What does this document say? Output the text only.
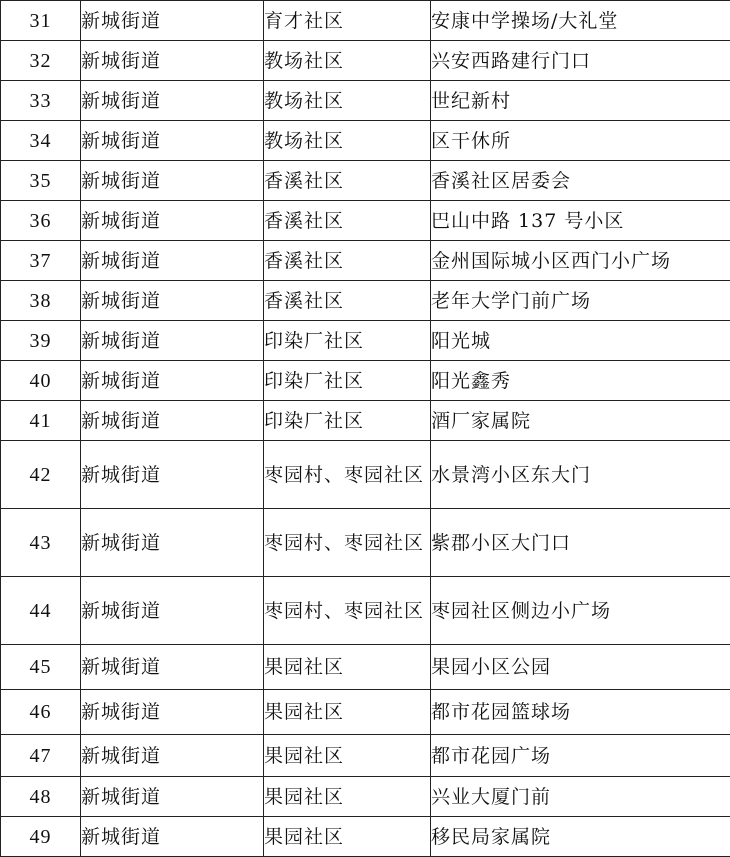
31	新城街道	育才社区	安康中学操场/大礼堂
32	新城街道	教场社区	兴安西路建行门口
33	新城街道	教场社区	世纪新村
34	新城街道	教场社区	区干休所
35	新城街道	香溪社区	香溪社区居委会
36	新城街道	香溪社区	巴山中路 137 号小区
37	新城街道	香溪社区	金州国际城小区西门小广场
38	新城街道	香溪社区	老年大学门前广场
39	新城街道	印染厂社区	阳光城
40	新城街道	印染厂社区	阳光鑫秀
41	新城街道	印染厂社区	酒厂家属院
42	新城街道	枣园村、枣园社区	水景湾小区东大门
43	新城街道	枣园村、枣园社区	紫郡小区大门口
44	新城街道	枣园村、枣园社区	枣园社区侧边小广场
45	新城街道	果园社区	果园小区公园
46	新城街道	果园社区	都市花园篮球场
47	新城街道	果园社区	都市花园广场
48	新城街道	果园社区	兴业大厦门前
49	新城街道	果园社区	移民局家属院
